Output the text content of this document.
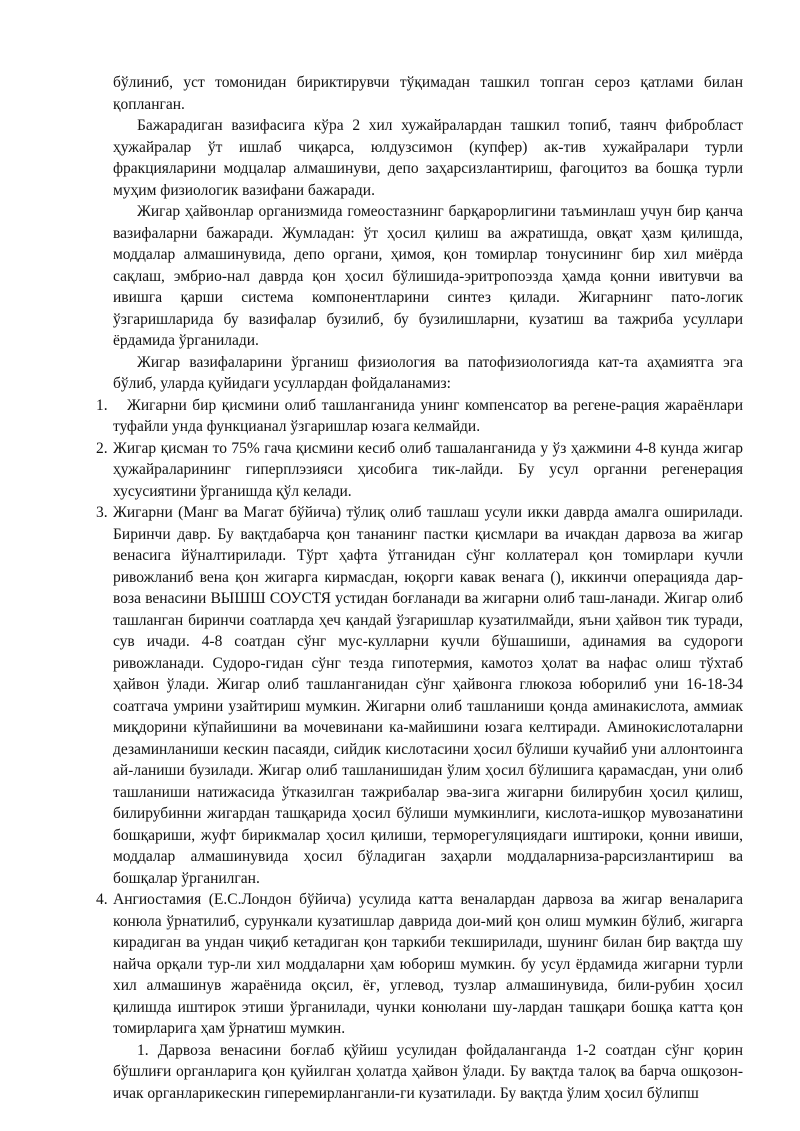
бўлиниб, уст томонидан бириктирувчи тўқимадан ташкил топган сероз қатлами билан қопланган.

Бажарадиган вазифасига кўра 2 хил хужайралардан ташкил топиб, таянч фибробласт ҳужайралар ўт ишлаб чиқарса, юлдузсимон (купфер) ак-тив хужайралари турли фракцияларини модцалар алмашинуви, депо заҳарсизлантириш, фагоцитоз ва бошқа турли муҳим физиологик вазифани бажаради.

Жигар ҳайвонлар организмида гомеостазнинг барқарорлигини таъминлаш учун бир қанча вазифаларни бажаради. Жумладан: ўт ҳосил қилиш ва ажратишда, овқат ҳазм қилишда, моддалар алмашинувида, депо органи, ҳимоя, қон томирлар тонусининг бир хил миёрда сақлаш, эмбрио-нал даврда қон ҳосил бўлишида-эритропоэзда ҳамда қонни ивитувчи ва ивишга қарши система компонентларини синтез қилади. Жигарнинг пато-логик ўзгаришларида бу вазифалар бузилиб, бу бузилишларни, кузатиш ва тажриба усуллари ёрдамида ўрганилади.

Жигар вазифаларини ўрганиш физиология ва патофизиологияда кат-та аҳамиятга эга бўлиб, уларда қуйидаги усуллардан фойдаланамиз:

1. Жигарни бир қисмини олиб ташланганида унинг компенсатор ва регене-рация жараёнлари туфайли унда функцианал ўзгаришлар юзага келмайди.
2. Жигар қисман то 75% гача қисмини кесиб олиб ташаланганида у ўз ҳажмини 4-8 кунда жигар ҳужайраларининг гиперплэзияси ҳисобига тик-лайди. Бу усул органни регенерация хусусиятини ўрганишда қўл келади.
3. Жигарни (Манг ва Магат бўйича) тўлиқ олиб ташлаш усули икки даврда амалга оширилади. Биринчи давр. Бу вақтдабарча қон тананинг пастки қисмлари ва ичакдан дарвоза ва жигар венасига йўналтирилади. Тўрт ҳафта ўтганидан сўнг коллатерал қон томирлари кучли ривожланиб вена қон жигарга кирмасдан, юқорги кавак венага (), иккинчи операцияда дар-воза венасини ВЫШШ СОУСТЯ устидан боғланади ва жигарни олиб таш-ланади. Жигар олиб ташланган биринчи соатларда ҳеч қандай ўзгаришлар кузатилмайди, яъни ҳайвон тик туради, сув ичади. 4-8 соатдан сўнг мус-кулларни кучли бўшашиши, адинамия ва судороги ривожланади. Судоро-гидан сўнг тезда гипотермия, камотоз ҳолат ва нафас олиш тўхтаб ҳайвон ўлади. Жигар олиб ташланганидан сўнг ҳайвонга глюкоза юборилиб уни 16-18-34 соатгача умрини узайтириш мумкин. Жигарни олиб ташланиши қонда аминакислота, аммиак миқдорини кўпайишини ва мочевинани ка-майишини юзага келтиради. Аминокислоталарни дезаминланиши кескин пасаяди, сийдик кислотасини ҳосил бўлиши кучайиб уни аллонтоинга ай-ланиши бузилади. Жигар олиб ташланишидан ўлим ҳосил бўлишига қарамасдан, уни олиб ташланиши натижасида ўтказилган тажрибалар эва-зига жигарни билирубин ҳосил қилиш, билирубинни жигардан ташқарида ҳосил бўлиши мумкинлиги, кислота-ишқор мувозанатини бошқариши, жуфт бирикмалар ҳосил қилиши, терморегуляциядаги иштироки, қонни ивиши, моддалар алмашинувида ҳосил бўладиган заҳарли моддаларниза-рарсизлантириш ва бошқалар ўрганилган.
4. Ангиостамия (Е.С.Лондон бўйича) усулида катта веналардан дарвоза ва жигар веналарига конюла ўрнатилиб, сурункали кузатишлар даврида дои-мий қон олиш мумкин бўлиб, жигарга кирадиган ва ундан чиқиб кетадиган қон таркиби текширилади, шунинг билан бир вақтда шу найча орқали тур-ли хил моддаларни ҳам юбориш мумкин. бу усул ёрдамида жигарни турли хил алмашинув жараёнида оқсил, ёғ, углевод, тузлар алмашинувида, били-рубин ҳосил қилишда иштирок этиши ўрганилади, чунки конюлани шу-лардан ташқари бошқа катта қон томирларига ҳам ўрнатиш мумкин.

1. Дарвоза венасини боғлаб қўйиш усулидан фойдаланганда 1-2 соатдан сўнг қорин бўшлиғи органларига қон қуйилган ҳолатда ҳайвон ўлади. Бу вақтда талоқ ва барча ошқозон-ичак органларикескин гиперемирланганли-ги кузатилади. Бу вақтда ўлим ҳосил бўлипш
